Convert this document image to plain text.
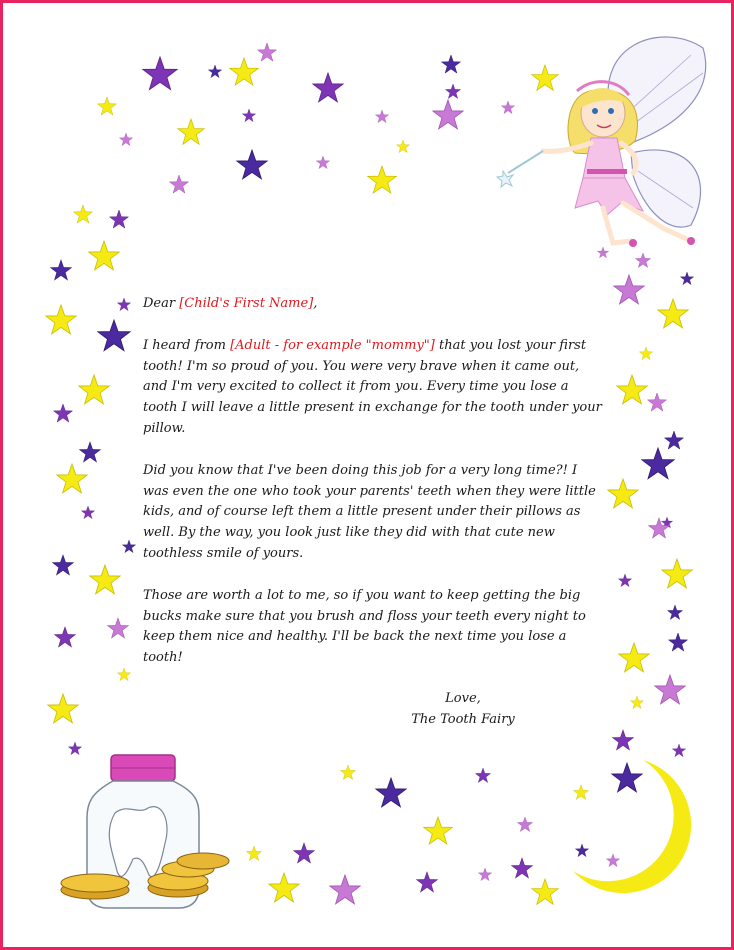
Dear [Child's First Name],

I heard from [Adult - for example "mommy"] that you lost your first tooth! I'm so proud of you. You were very brave when it came out, and I'm very excited to collect it from you. Every time you lose a tooth I will leave a little present in exchange for the tooth under your pillow.

Did you know that I've been doing this job for a very long time?! I was even the one who took your parents' teeth when they were little kids, and of course left them a little present under their pillows as well. By the way, you look just like they did with that cute new toothless smile of yours.

Those are worth a lot to me, so if you want to keep getting the big bucks make sure that you brush and floss your teeth every night to keep them nice and healthy. I'll be back the next time you lose a tooth!

Love,
The Tooth Fairy
